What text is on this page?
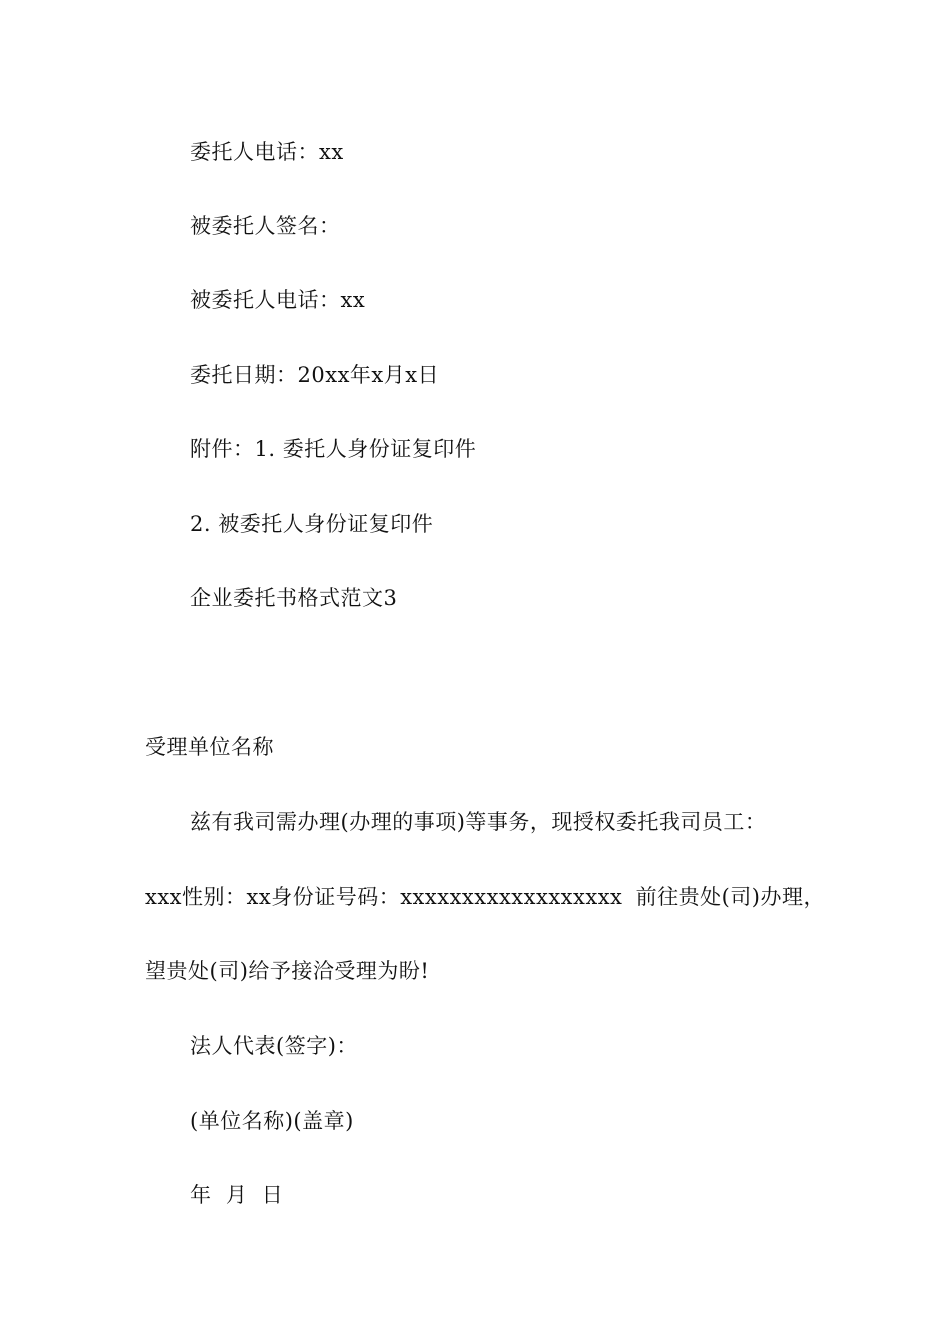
委托人电话：xx
被委托人签名：
被委托人电话：xx
委托日期：20xx年x月x日
附件：1. 委托人身份证复印件
2. 被委托人身份证复印件
企业委托书格式范文3
受理单位名称
兹有我司需办理(办理的事项)等事务，现授权委托我司员工：
xxx性别：xx身份证号码：xxxxxxxxxxxxxxxxxx 前往贵处(司)办理，
望贵处(司)给予接洽受理为盼!
法人代表(签字)：
(单位名称)(盖章)
年  月  日
